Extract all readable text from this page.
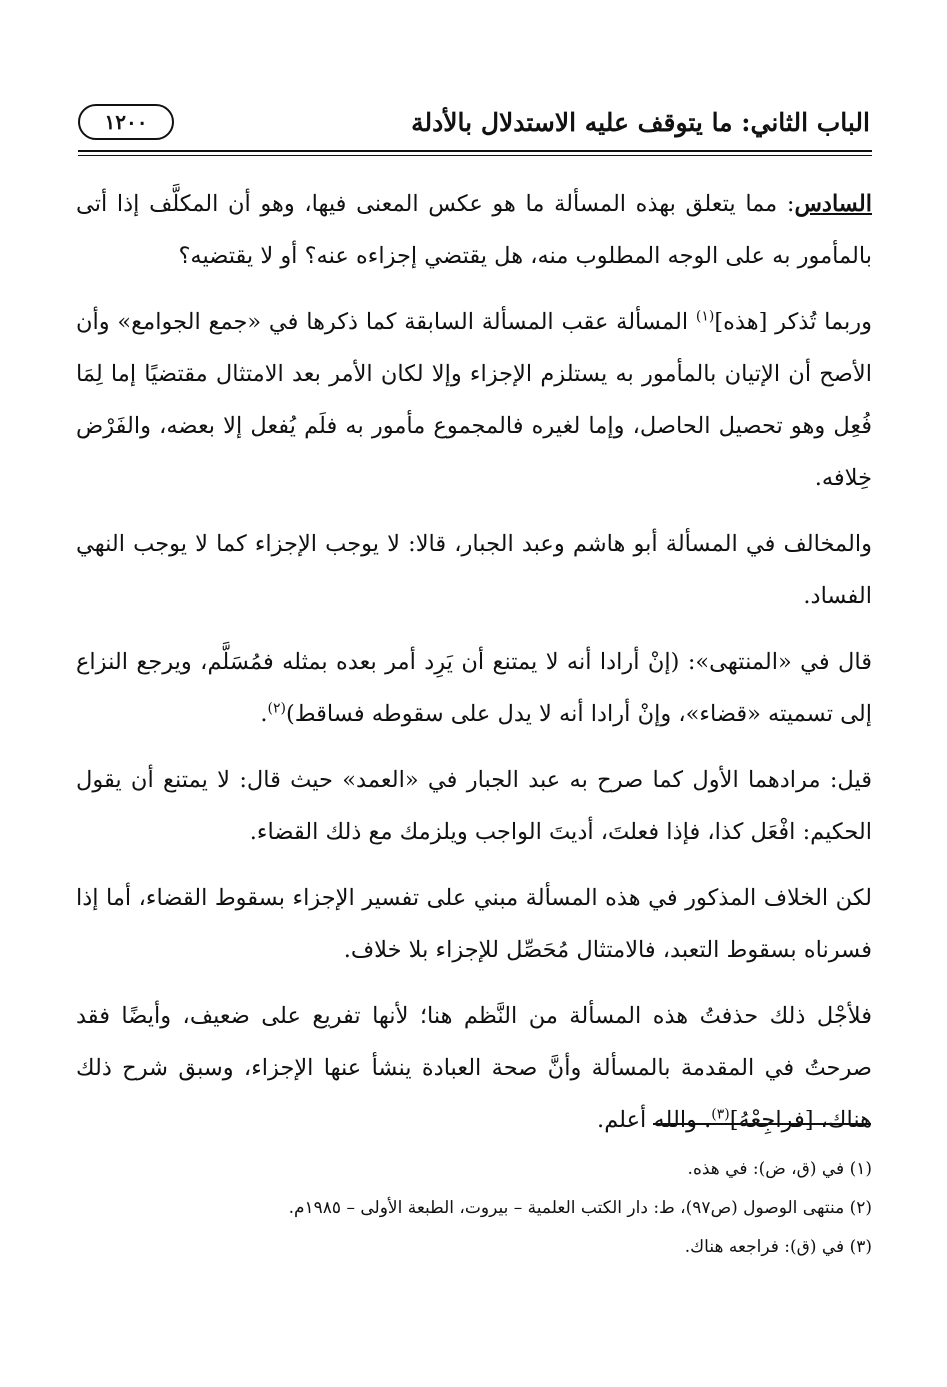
الباب الثاني: ما يتوقف عليه الاستدلال بالأدلة
١٢٠٠

السادس: مما يتعلق بهذه المسألة ما هو عكس المعنى فيها، وهو أن المكلَّف إذا أتى بالمأمور به على الوجه المطلوب منه، هل يقتضي إجزاءه عنه؟ أو لا يقتضيه؟

وربما تُذكر [هذه]$^{(١)}$ المسألة عقب المسألة السابقة كما ذكرها في «جمع الجوامع» وأن الأصح أن الإتيان بالمأمور به يستلزم الإجزاء وإلا لكان الأمر بعد الامتثال مقتضيًا إما لِمَا فُعِل وهو تحصيل الحاصل، وإما لغيره فالمجموع مأمور به فلَم يُفعل إلا بعضه، والفَرْض خِلافه.

والمخالف في المسألة أبو هاشم وعبد الجبار، قالا: لا يوجب الإجزاء كما لا يوجب النهي الفساد.

قال في «المنتهى»: (إنْ أرادا أنه لا يمتنع أن يَرِد أمر بعده بمثله فمُسَلَّم، ويرجع النزاع إلى تسميته «قضاء»، وإنْ أرادا أنه لا يدل على سقوطه فساقط)$^{(٢)}$.

قيل: مرادهما الأول كما صرح به عبد الجبار في «العمد» حيث قال: لا يمتنع أن يقول الحكيم: افْعَل كذا، فإذا فعلتَ، أديتَ الواجب ويلزمك مع ذلك القضاء.

لكن الخلاف المذكور في هذه المسألة مبني على تفسير الإجزاء بسقوط القضاء، أما إذا فسرناه بسقوط التعبد، فالامتثال مُحَصِّل للإجزاء بلا خلاف.

فلأجْل ذلك حذفتُ هذه المسألة من النَّظم هنا؛ لأنها تفريع على ضعيف، وأيضًا فقد صرحتُ في المقدمة بالمسألة وأنَّ صحة العبادة ينشأ عنها الإجزاء، وسبق شرح ذلك هناك، [فراجِعْهُ]$^{(٣)}$. والله أعلم.

(١) في (ق، ض): في هذه.

(٢) منتهى الوصول (ص٩٧)، ط: دار الكتب العلمية – بيروت، الطبعة الأولى – ١٩٨٥م.

(٣) في (ق): فراجعه هناك.
